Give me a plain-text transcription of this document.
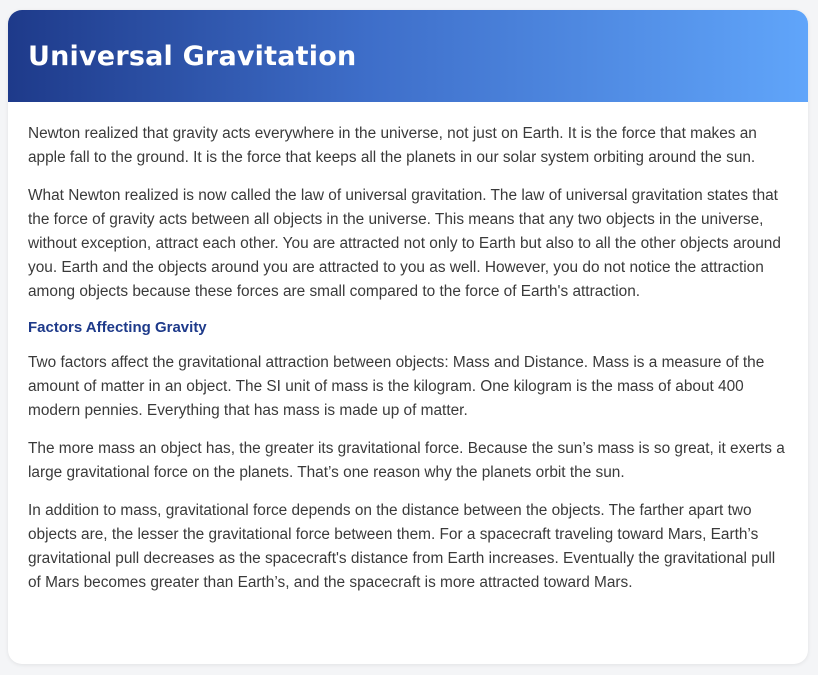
Universal Gravitation

Newton realized that gravity acts everywhere in the universe, not just on Earth. It is the force that makes an apple fall to the ground. It is the force that keeps all the planets in our solar system orbiting around the sun.

What Newton realized is now called the law of universal gravitation. The law of universal gravitation states that the force of gravity acts between all objects in the universe. This means that any two objects in the universe, without exception, attract each other. You are attracted not only to Earth but also to all the other objects around you. Earth and the objects around you are attracted to you as well. However, you do not notice the attraction among objects because these forces are small compared to the force of Earth's attraction.

Factors Affecting Gravity

Two factors affect the gravitational attraction between objects: Mass and Distance. Mass is a measure of the amount of matter in an object. The SI unit of mass is the kilogram. One kilogram is the mass of about 400 modern pennies. Everything that has mass is made up of matter.

The more mass an object has, the greater its gravitational force. Because the sun’s mass is so great, it exerts a large gravitational force on the planets. That’s one reason why the planets orbit the sun.

In addition to mass, gravitational force depends on the distance between the objects. The farther apart two objects are, the lesser the gravitational force between them. For a spacecraft traveling toward Mars, Earth’s gravitational pull decreases as the spacecraft's distance from Earth increases. Eventually the gravitational pull of Mars becomes greater than Earth’s, and the spacecraft is more attracted toward Mars.
